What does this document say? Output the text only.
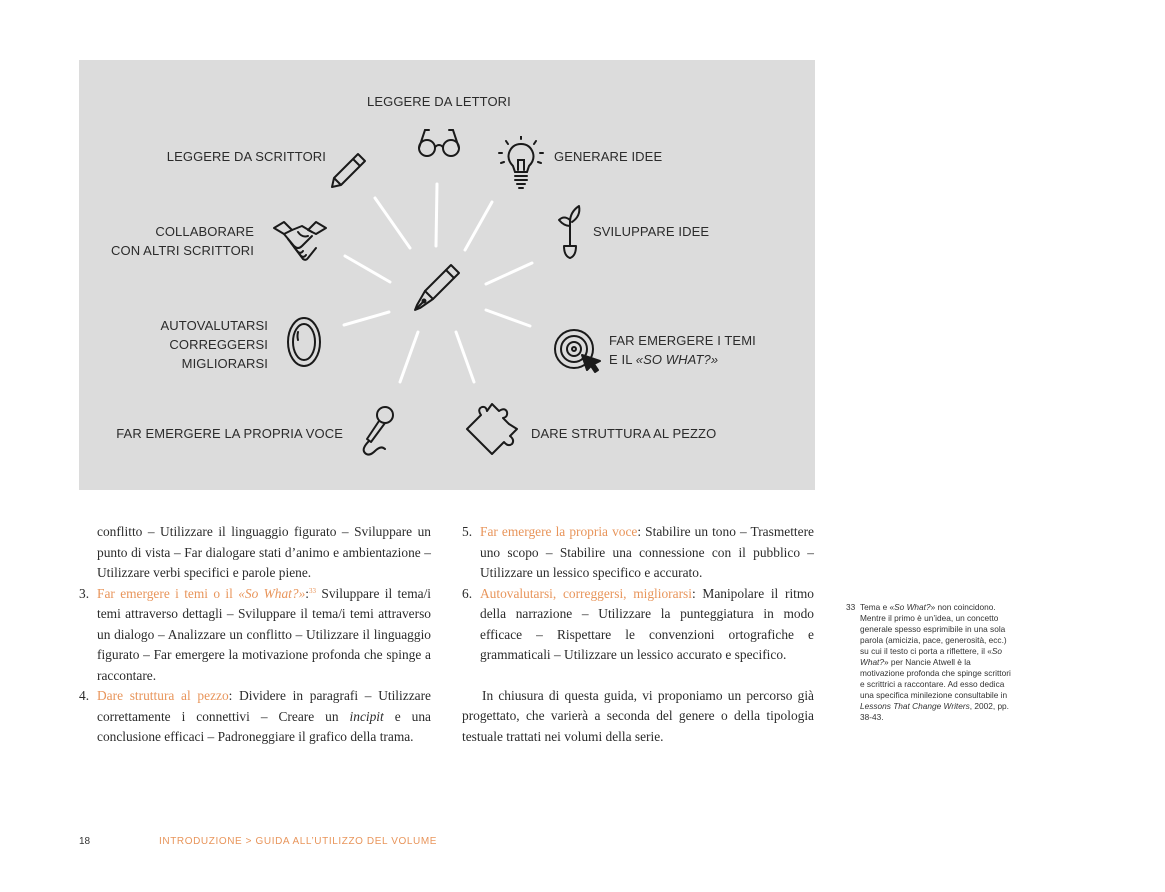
LEGGERE DA LETTORI
LEGGERE DA SCRITTORI	GENERARE IDEE
COLLABORARE
CON ALTRI SCRITTORI
SVILUPPARE IDEE
AUTOVALUTARSI
CORREGGERSI
MIGLIORARSI
FAR EMERGERE I TEMI
E IL «SO WHAT?»
FAR EMERGERE LA PROPRIA VOCE	DARE STRUTTURA AL PEZZO

conflitto – Utilizzare il linguaggio figurato – Sviluppare un punto di vista – Far dialogare stati d’animo e ambientazione – Utilizzare verbi specifici e parole piene.

3. Far emergere i temi o il «So What?»:$^{33}$ Sviluppare il tema/i temi attraverso dettagli – Sviluppare il tema/i temi attraverso un dialogo – Analizzare un conflitto – Utilizzare il linguaggio figurato – Far emergere la motivazione profonda che spinge a raccontare.
4. Dare struttura al pezzo: Dividere in paragrafi – Utilizzare correttamente i connettivi – Creare un incipit e una conclusione efficaci – Padroneggiare il grafico della trama.
5. Far emergere la propria voce: Stabilire un tono – Trasmettere uno scopo – Stabilire una connessione con il pubblico – Utilizzare un lessico specifico e accurato.
6. Autovalutarsi, correggersi, migliorarsi: Manipolare il ritmo della narrazione – Utilizzare la punteggiatura in modo efficace – Rispettare le convenzioni ortografiche e grammaticali – Utilizzare un lessico accurato e specifico.

In chiusura di questa guida, vi proponiamo un percorso già progettato, che varierà a seconda del genere o della tipologia testuale trattati nei volumi della serie.

33 Tema e «So What?» non coincidono. Mentre il primo è un’idea, un concetto generale spesso esprimibile in una sola parola (amicizia, pace, generosità, ecc.) su cui il testo ci porta a riflettere, il «So What?» per Nancie Atwell è la motivazione profonda che spinge scrittori e scrittrici a raccontare. Ad esso dedica una specifica minilezione consultabile in Lessons That Change Writers, 2002, pp. 38-43.
18	INTRODUZIONE > GUIDA ALL’UTILIZZO DEL VOLUME
